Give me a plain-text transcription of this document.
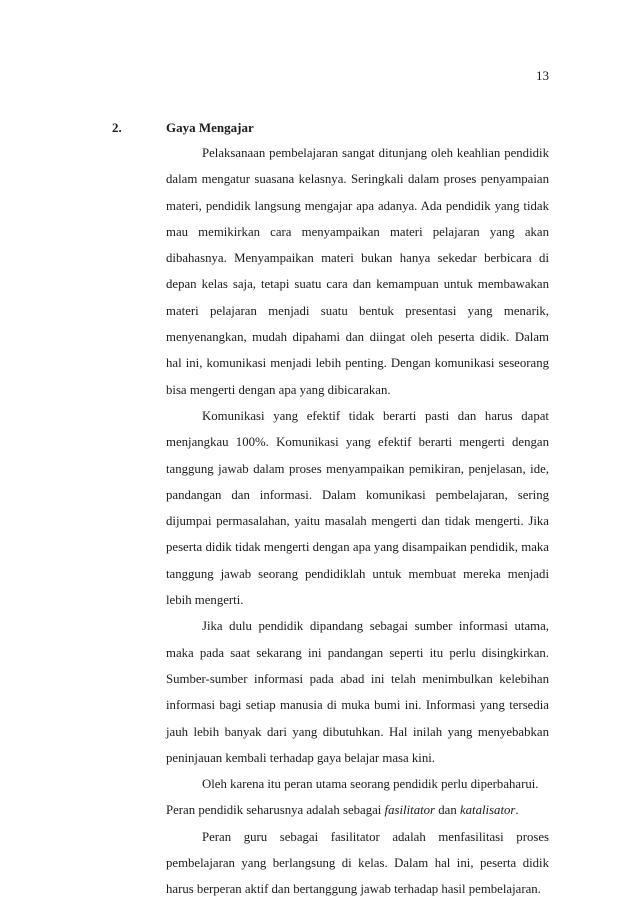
13
2.	Gaya Mengajar

Pelaksanaan pembelajaran sangat ditunjang oleh keahlian pendidik dalam mengatur suasana kelasnya. Seringkali dalam proses penyampaian materi, pendidik langsung mengajar apa adanya. Ada pendidik yang tidak mau memikirkan cara menyampaikan materi pelajaran yang akan dibahasnya. Menyampaikan materi bukan hanya sekedar berbicara di depan kelas saja, tetapi suatu cara dan kemampuan untuk membawakan materi pelajaran menjadi suatu bentuk presentasi yang menarik, menyenangkan, mudah dipahami dan diingat oleh peserta didik. Dalam hal ini, komunikasi menjadi lebih penting. Dengan komunikasi seseorang bisa mengerti dengan apa yang dibicarakan.

Komunikasi yang efektif tidak berarti pasti dan harus dapat menjangkau 100%. Komunikasi yang efektif berarti mengerti dengan tanggung jawab dalam proses menyampaikan pemikiran, penjelasan, ide, pandangan dan informasi. Dalam komunikasi pembelajaran, sering dijumpai permasalahan, yaitu masalah mengerti dan tidak mengerti. Jika peserta didik tidak mengerti dengan apa yang disampaikan pendidik, maka tanggung jawab seorang pendidiklah untuk membuat mereka menjadi lebih mengerti.

Jika dulu pendidik dipandang sebagai sumber informasi utama, maka pada saat sekarang ini pandangan seperti itu perlu disingkirkan. Sumber-sumber informasi pada abad ini telah menimbulkan kelebihan informasi bagi setiap manusia di muka bumi ini. Informasi yang tersedia jauh lebih banyak dari yang dibutuhkan. Hal inilah yang menyebabkan peninjauan kembali terhadap gaya belajar masa kini.

Oleh karena itu peran utama seorang pendidik perlu diperbaharui.

Peran pendidik seharusnya adalah sebagai fasilitator dan katalisator.

Peran guru sebagai fasilitator adalah menfasilitasi proses pembelajaran yang berlangsung di kelas. Dalam hal ini, peserta didik harus berperan aktif dan bertanggung jawab terhadap hasil pembelajaran.
